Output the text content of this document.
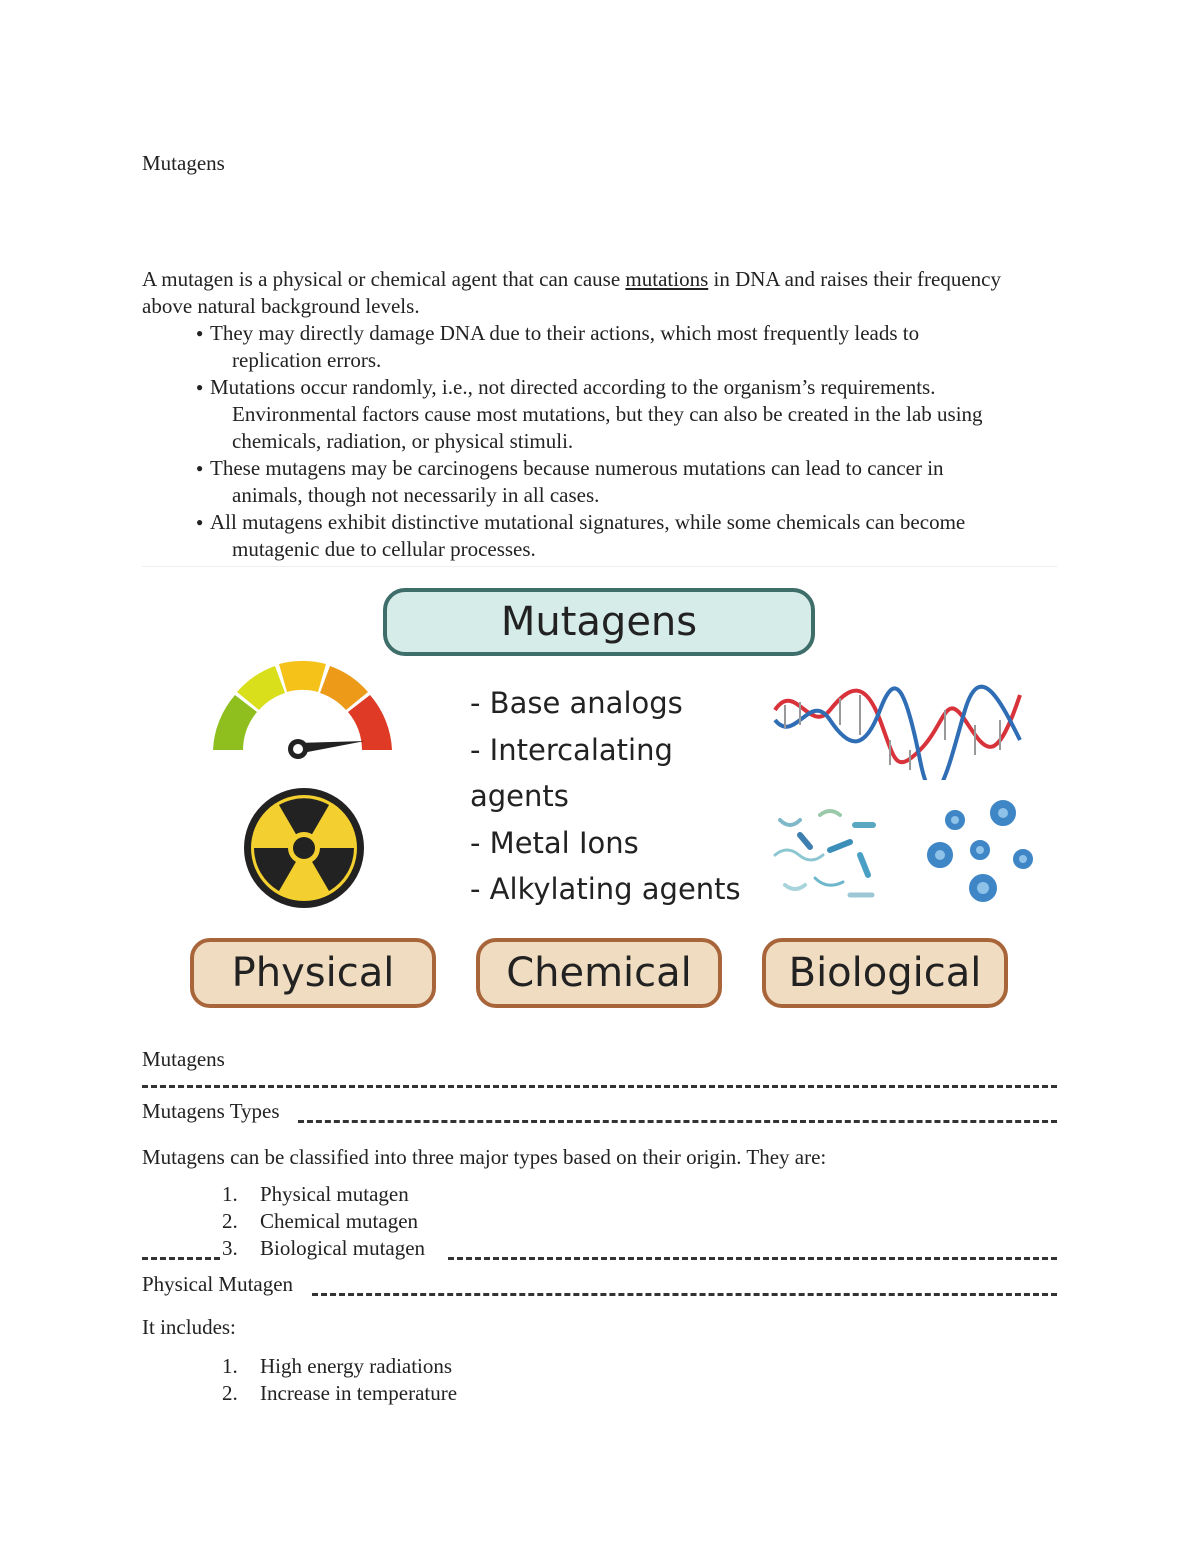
Mutagens
A mutagen is a physical or chemical agent that can cause mutations in DNA and raises their frequency above natural background levels.
● They may directly damage DNA due to their actions, which most frequently leads to
replication errors.
● Mutations occur randomly, i.e., not directed according to the organism’s requirements.
Environmental factors cause most mutations, but they can also be created in the lab using chemicals, radiation, or physical stimuli.
● These mutagens may be carcinogens because numerous mutations can lead to cancer in
animals, though not necessarily in all cases.
● All mutagens exhibit distinctive mutational signatures, while some chemicals can become
mutagenic due to cellular processes.
Mutagens
- Base analogs
- Intercalating
agents
- Metal Ions
- Alkylating agents
Physical	Chemical	Biological
Mutagens
Mutagens Types
Mutagens can be classified into three major types based on their origin. They are:
1. Physical mutagen
2. Chemical mutagen
3. Biological mutagen
Physical Mutagen
It includes:
1. High energy radiations
2. Increase in temperature
